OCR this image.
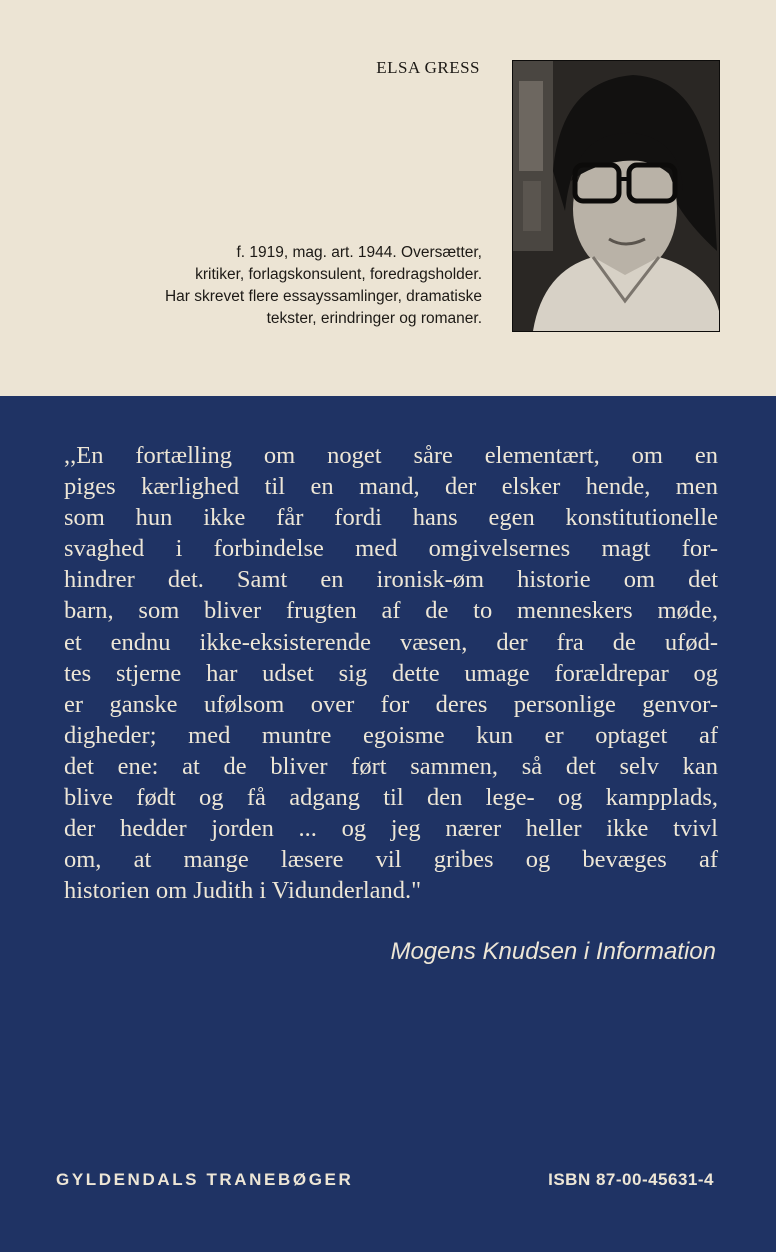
ELSA GRESS

f. 1919, mag. art. 1944. Oversætter,
kritiker, forlagskonsulent, foredragsholder.
Har skrevet flere essayssamlinger, dramatiske
tekster, erindringer og romaner.

,,En fortælling om noget såre elementært, om en
piges kærlighed til en mand, der elsker hende, men
som hun ikke får fordi hans egen konstitutionelle
svaghed i forbindelse med omgivelsernes magt for-
hindrer det. Samt en ironisk-øm historie om det
barn, som bliver frugten af de to menneskers møde,
et endnu ikke-eksisterende væsen, der fra de ufød-
tes stjerne har udset sig dette umage forældrepar og
er ganske ufølsom over for deres personlige genvor-
digheder; med muntre egoisme kun er optaget af
det ene: at de bliver ført sammen, så det selv kan
blive født og få adgang til den lege- og kampplads,
der hedder jorden ... og jeg nærer heller ikke tvivl
om, at mange læsere vil gribes og bevæges af
historien om Judith i Vidunderland."

Mogens Knudsen i Information
GYLDENDALS TRANEBØGER	ISBN 87-00-45631-4
